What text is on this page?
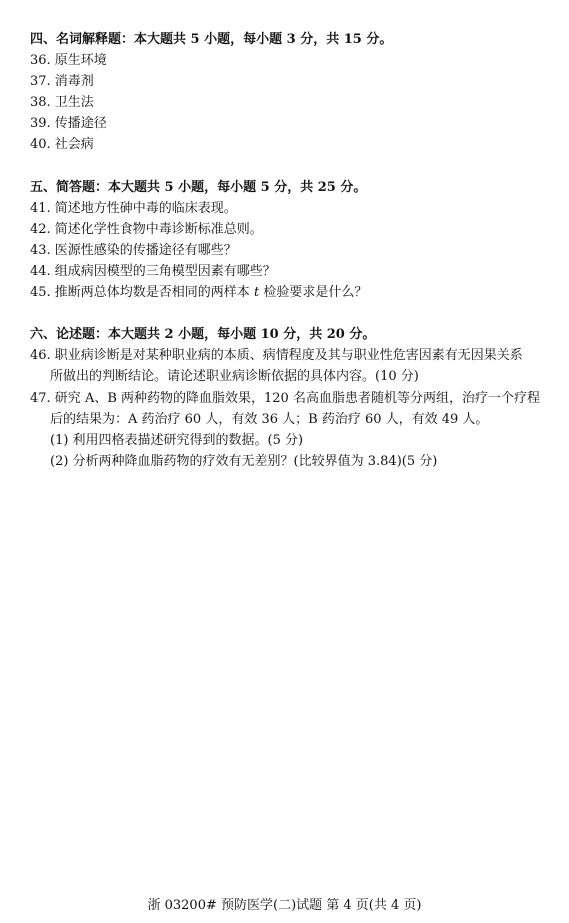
四、名词解释题：本大题共 5 小题，每小题 3 分，共 15 分。
36. 原生环境
37. 消毒剂
38. 卫生法
39. 传播途径
40. 社会病
五、简答题：本大题共 5 小题，每小题 5 分，共 25 分。
41. 简述地方性砷中毒的临床表现。
42. 简述化学性食物中毒诊断标准总则。
43. 医源性感染的传播途径有哪些？
44. 组成病因模型的三角模型因素有哪些？
45. 推断两总体均数是否相同的两样本 t 检验要求是什么？
六、论述题：本大题共 2 小题，每小题 10 分，共 20 分。
46. 职业病诊断是对某种职业病的本质、病情程度及其与职业性危害因素有无因果关系
所做出的判断结论。请论述职业病诊断依据的具体内容。(10 分)
47. 研究 A、B 两种药物的降血脂效果，120 名高血脂患者随机等分两组，治疗一个疗程
后的结果为：A 药治疗 60 人，有效 36 人；B 药治疗 60 人，有效 49 人。
(1) 利用四格表描述研究得到的数据。(5 分)
(2) 分析两种降血脂药物的疗效有无差别？(比较界值为 3.84)(5 分)
浙 03200# 预防医学(二)试题 第 4 页(共 4 页)
